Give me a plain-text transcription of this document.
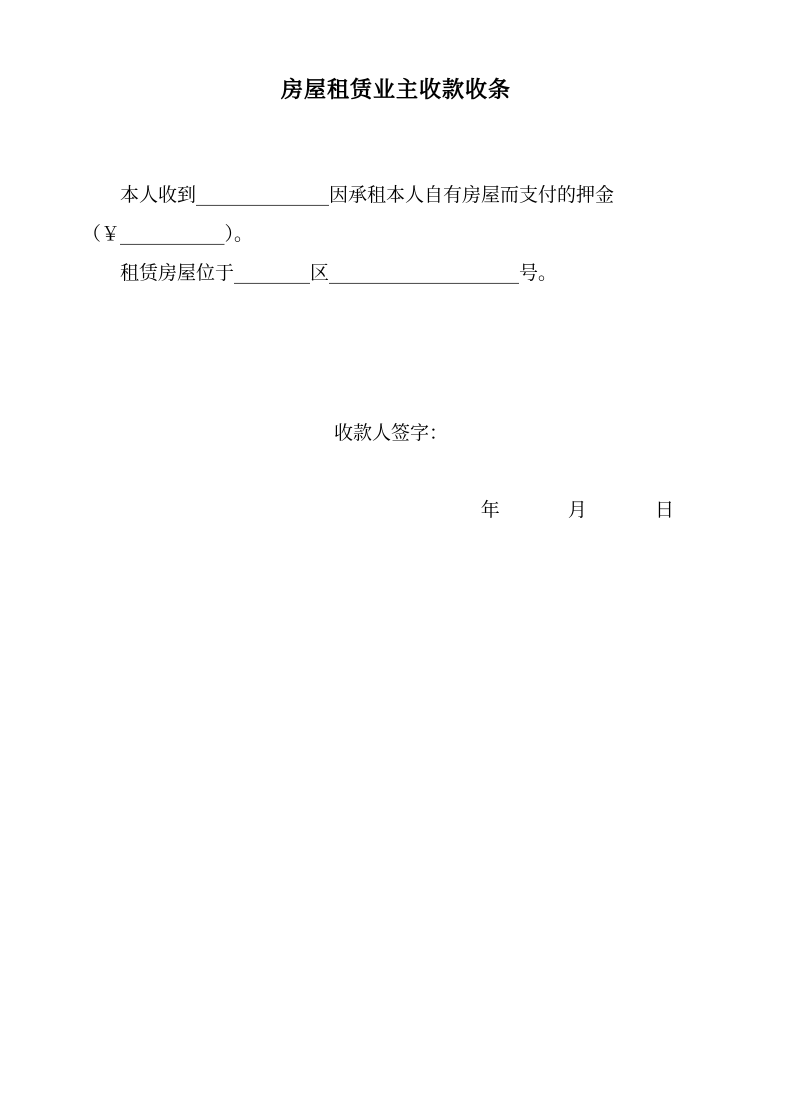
房屋租赁业主收款收条

本人收到______________因承租本人自有房屋而支付的押金

（￥___________）。

租赁房屋位于________区____________________号。

收款人签字：
年	月	日
